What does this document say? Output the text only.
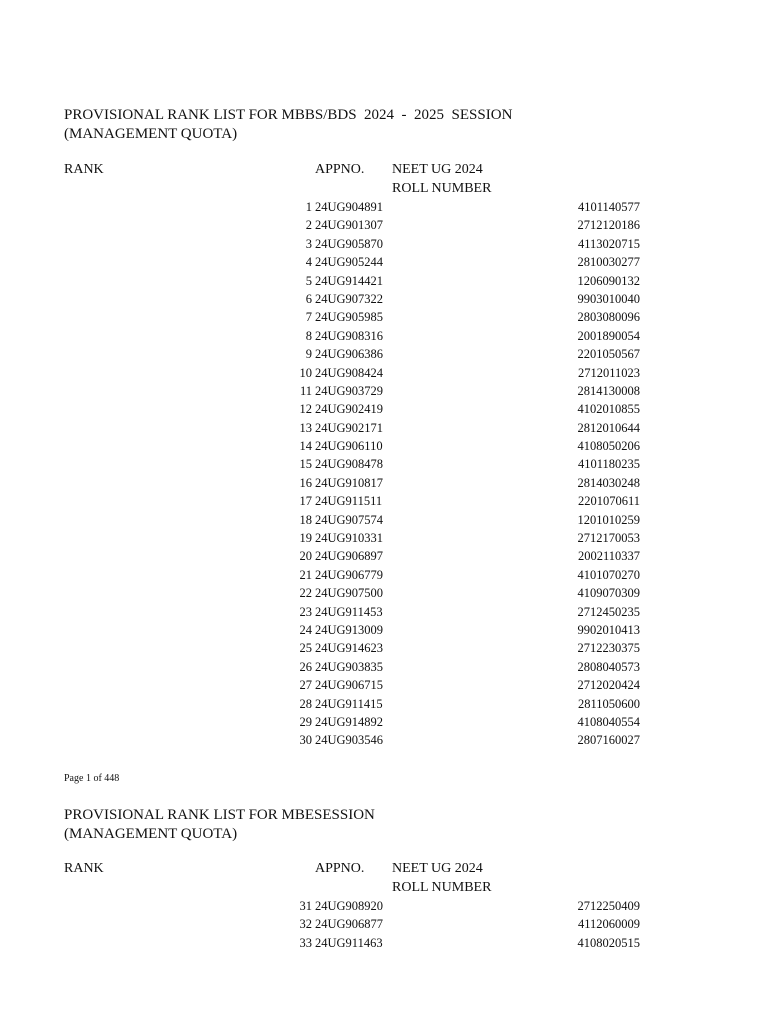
PROVISIONAL RANK LIST FOR MBBS/BDS  2024  -  2025  SESSION
(MANAGEMENT QUOTA)
RANK	APPNO. NEET UG 2024
ROLL NUMBER
1 24UG904891	4101140577
2 24UG901307	2712120186
3 24UG905870	4113020715
4 24UG905244	2810030277
5 24UG914421	1206090132
6 24UG907322	9903010040
7 24UG905985	2803080096
8 24UG908316	2001890054
9 24UG906386	2201050567
10 24UG908424	2712011023
11 24UG903729	2814130008
12 24UG902419	4102010855
13 24UG902171	2812010644
14 24UG906110	4108050206
15 24UG908478	4101180235
16 24UG910817	2814030248
17 24UG911511	2201070611
18 24UG907574	1201010259
19 24UG910331	2712170053
20 24UG906897	2002110337
21 24UG906779	4101070270
22 24UG907500	4109070309
23 24UG911453	2712450235
24 24UG913009	9902010413
25 24UG914623	2712230375
26 24UG903835	2808040573
27 24UG906715	2712020424
28 24UG911415	2811050600
29 24UG914892	4108040554
30 24UG903546	2807160027
Page 1 of 448
PROVISIONAL RANK LIST FOR MBESESSION
(MANAGEMENT QUOTA)
RANK	APPNO. NEET UG 2024
ROLL NUMBER
31 24UG908920	2712250409
32 24UG906877	4112060009
33 24UG911463	4108020515
